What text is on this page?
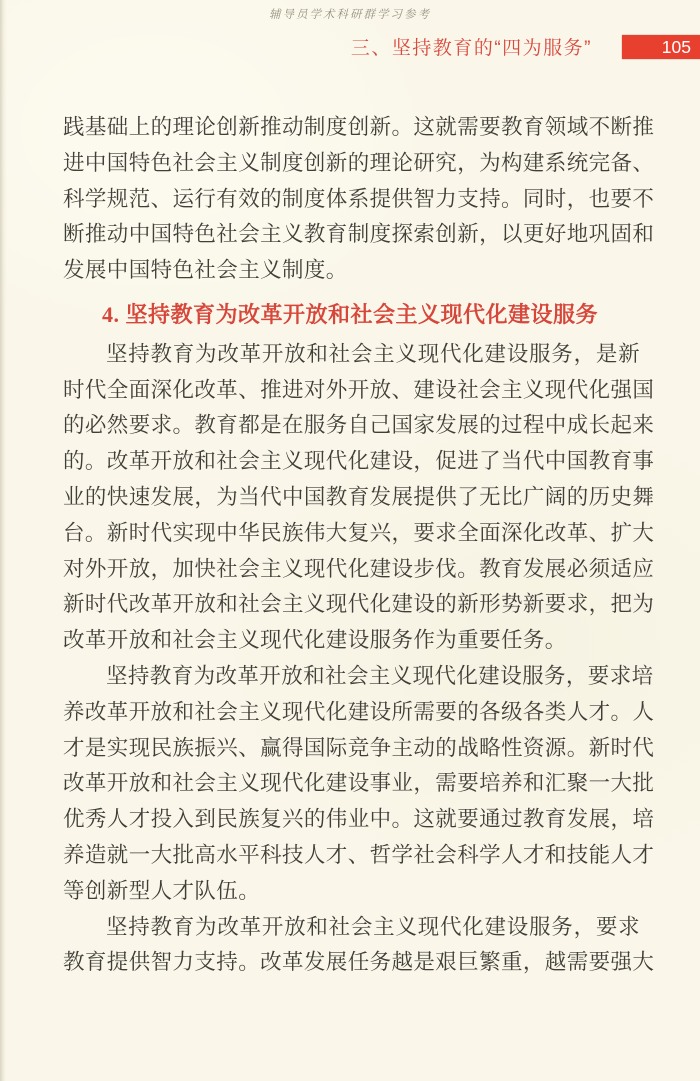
辅导员学术科研群学习参考
三、坚持教育的“四为服务”	105
践基础上的理论创新推动制度创新。这就需要教育领域不断推
进中国特色社会主义制度创新的理论研究，为构建系统完备、
科学规范、运行有效的制度体系提供智力支持。同时，也要不
断推动中国特色社会主义教育制度探索创新，以更好地巩固和
发展中国特色社会主义制度。
4. 坚持教育为改革开放和社会主义现代化建设服务
坚持教育为改革开放和社会主义现代化建设服务，是新
时代全面深化改革、推进对外开放、建设社会主义现代化强国
的必然要求。教育都是在服务自己国家发展的过程中成长起来
的。改革开放和社会主义现代化建设，促进了当代中国教育事
业的快速发展，为当代中国教育发展提供了无比广阔的历史舞
台。新时代实现中华民族伟大复兴，要求全面深化改革、扩大
对外开放，加快社会主义现代化建设步伐。教育发展必须适应
新时代改革开放和社会主义现代化建设的新形势新要求，把为
改革开放和社会主义现代化建设服务作为重要任务。
坚持教育为改革开放和社会主义现代化建设服务，要求培
养改革开放和社会主义现代化建设所需要的各级各类人才。人
才是实现民族振兴、赢得国际竞争主动的战略性资源。新时代
改革开放和社会主义现代化建设事业，需要培养和汇聚一大批
优秀人才投入到民族复兴的伟业中。这就要通过教育发展，培
养造就一大批高水平科技人才、哲学社会科学人才和技能人才
等创新型人才队伍。
坚持教育为改革开放和社会主义现代化建设服务，要求
教育提供智力支持。改革发展任务越是艰巨繁重，越需要强大
